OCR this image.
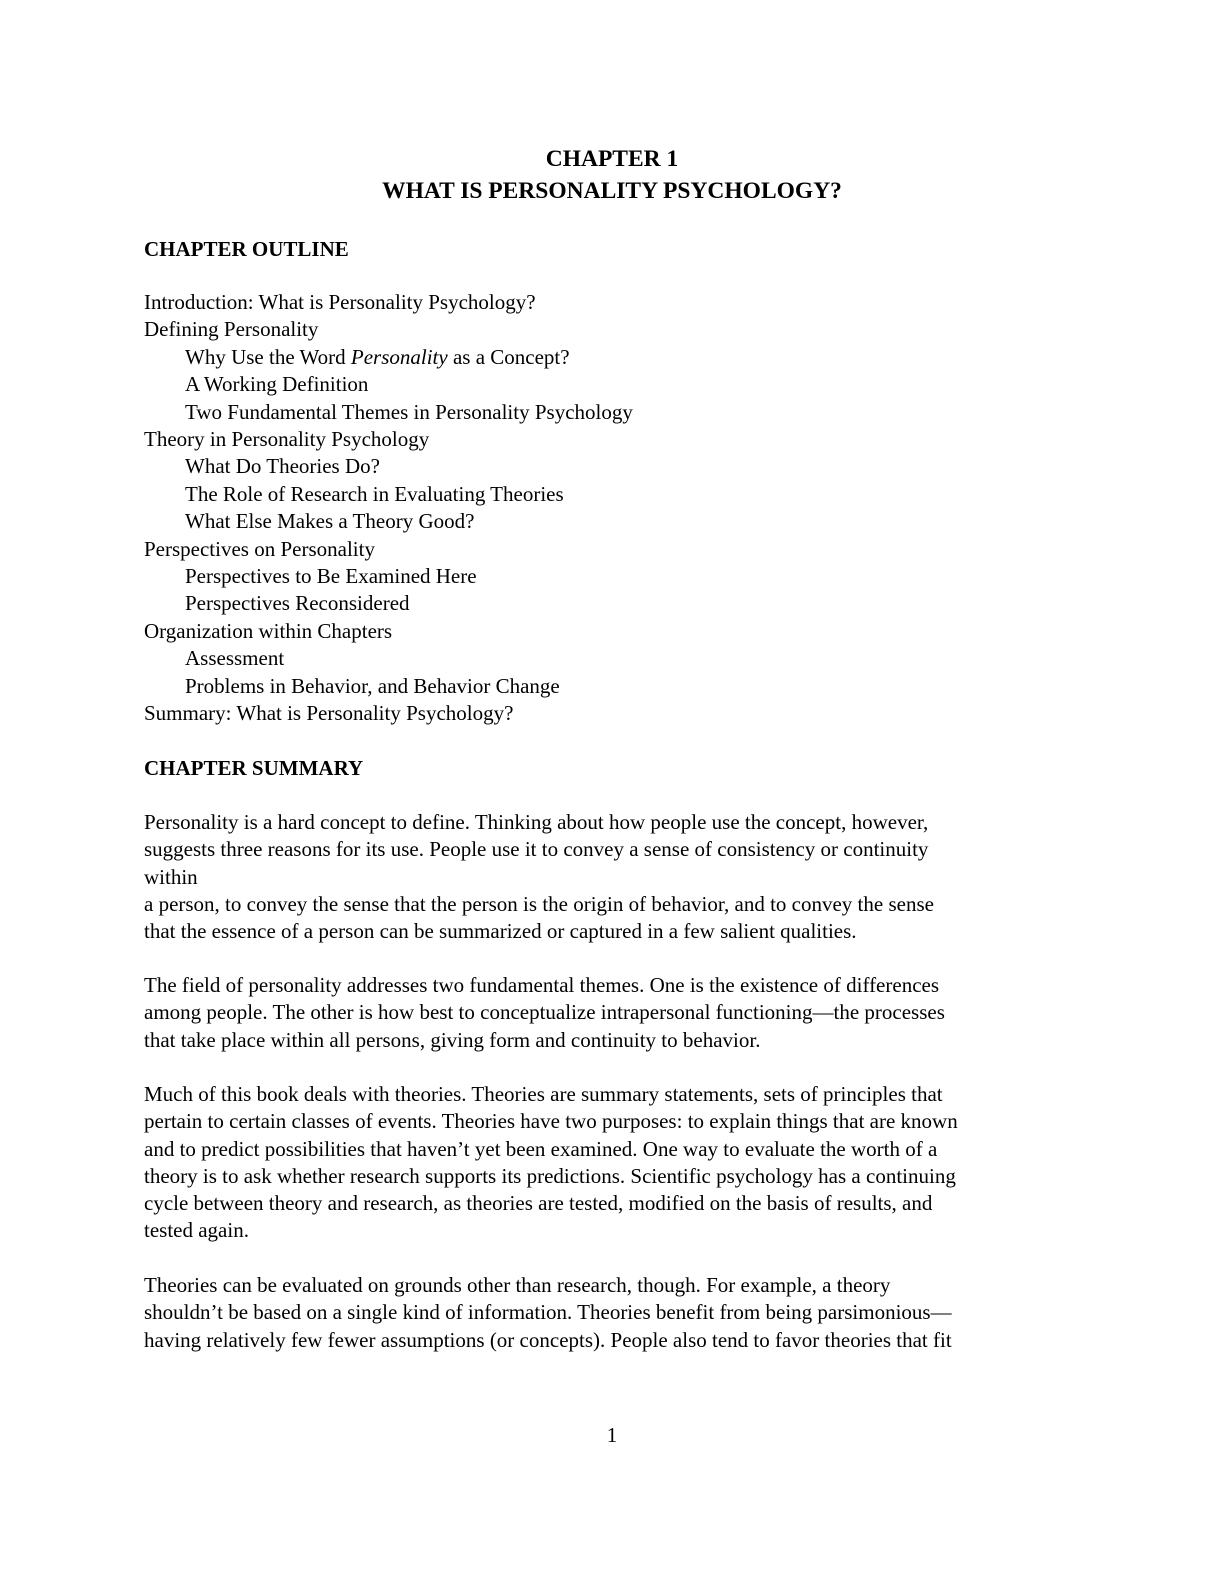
CHAPTER 1
WHAT IS PERSONALITY PSYCHOLOGY?
CHAPTER OUTLINE
Introduction: What is Personality Psychology?
Defining Personality
Why Use the Word Personality as a Concept?
A Working Definition
Two Fundamental Themes in Personality Psychology
Theory in Personality Psychology
What Do Theories Do?
The Role of Research in Evaluating Theories
What Else Makes a Theory Good?
Perspectives on Personality
Perspectives to Be Examined Here
Perspectives Reconsidered
Organization within Chapters
Assessment
Problems in Behavior, and Behavior Change
Summary: What is Personality Psychology?
CHAPTER SUMMARY

Personality is a hard concept to define. Thinking about how people use the concept, however,
suggests three reasons for its use. People use it to convey a sense of consistency or continuity
within
a person, to convey the sense that the person is the origin of behavior, and to convey the sense
that the essence of a person can be summarized or captured in a few salient qualities.

The field of personality addresses two fundamental themes. One is the existence of differences
among people. The other is how best to conceptualize intrapersonal functioning—the processes
that take place within all persons, giving form and continuity to behavior.

Much of this book deals with theories. Theories are summary statements, sets of principles that
pertain to certain classes of events. Theories have two purposes: to explain things that are known
and to predict possibilities that haven’t yet been examined. One way to evaluate the worth of a
theory is to ask whether research supports its predictions. Scientific psychology has a continuing
cycle between theory and research, as theories are tested, modified on the basis of results, and
tested again.

Theories can be evaluated on grounds other than research, though. For example, a theory
shouldn’t be based on a single kind of information. Theories benefit from being parsimonious—
having relatively few fewer assumptions (or concepts). People also tend to favor theories that fit

1
